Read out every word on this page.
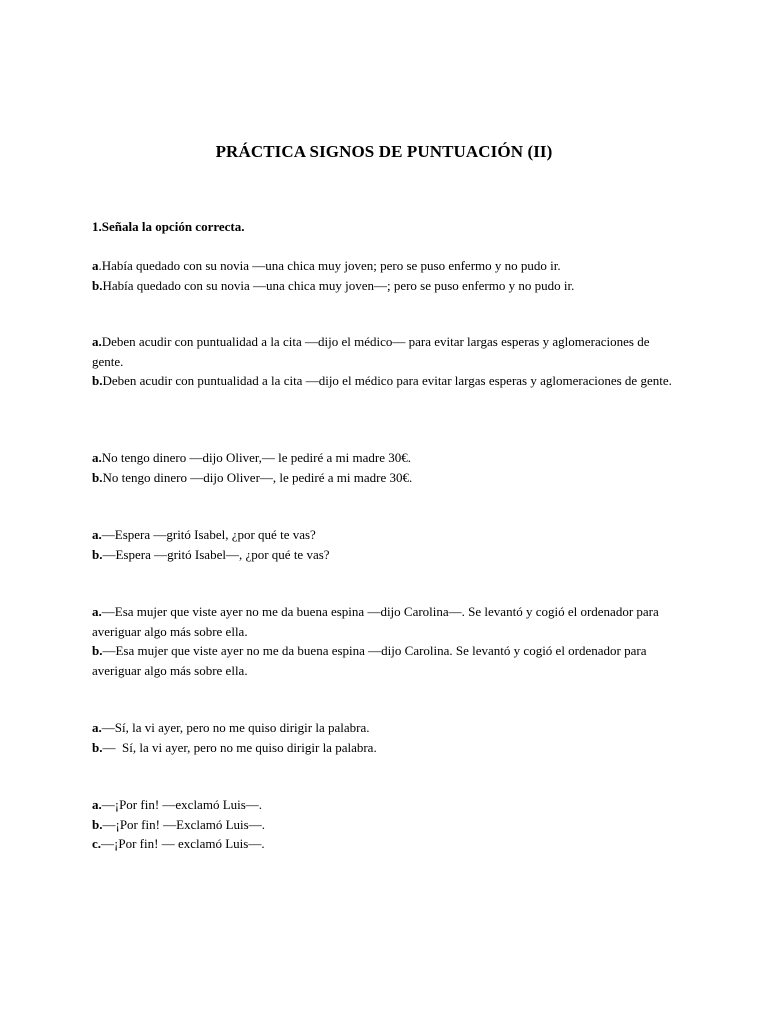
PRÁCTICA SIGNOS DE PUNTUACIÓN (II)
1.Señala la opción correcta.

a.Había quedado con su novia —una chica muy joven; pero se puso enfermo y no pudo ir.

b.Había quedado con su novia —una chica muy joven—; pero se puso enfermo y no pudo ir.

a.Deben acudir con puntualidad a la cita —dijo el médico— para evitar largas esperas y aglomeraciones de gente.

b.Deben acudir con puntualidad a la cita —dijo el médico para evitar largas esperas y aglomeraciones de gente.

a.No tengo dinero —dijo Oliver,— le pediré a mi madre 30€.

b.No tengo dinero —dijo Oliver—, le pediré a mi madre 30€.

a.—Espera —gritó Isabel, ¿por qué te vas?

b.—Espera —gritó Isabel—, ¿por qué te vas?

a.—Esa mujer que viste ayer no me da buena espina —dijo Carolina—. Se levantó y cogió el ordenador para averiguar algo más sobre ella.

b.—Esa mujer que viste ayer no me da buena espina —dijo Carolina. Se levantó y cogió el ordenador para averiguar algo más sobre ella.

a.—Sí, la vi ayer, pero no me quiso dirigir la palabra.

b.—  Sí, la vi ayer, pero no me quiso dirigir la palabra.

a.—¡Por fin! —exclamó Luis—.

b.—¡Por fin! —Exclamó Luis—.

c.—¡Por fin! — exclamó Luis—.
